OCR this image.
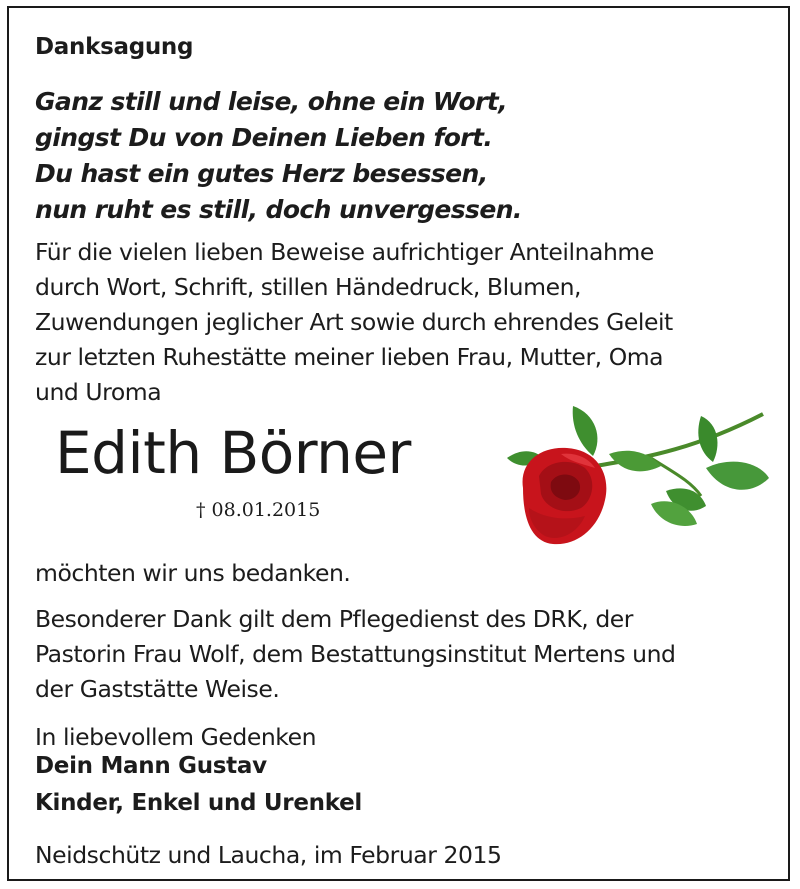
Danksagung
Ganz still und leise, ohne ein Wort,
gingst Du von Deinen Lieben fort.
Du hast ein gutes Herz besessen,
nun ruht es still, doch unvergessen.
Für die vielen lieben Beweise aufrichtiger Anteilnahme
durch Wort, Schrift, stillen Händedruck, Blumen,
Zuwendungen jeglicher Art sowie durch ehrendes Geleit
zur letzten Ruhestätte meiner lieben Frau, Mutter, Oma
und Uroma
Edith Börner
† 08.01.2015
möchten wir uns bedanken.
Besonderer Dank gilt dem Pflegedienst des DRK, der
Pastorin Frau Wolf, dem Bestattungsinstitut Mertens und
der Gaststätte Weise.
In liebevollem Gedenken
Dein Mann Gustav
Kinder, Enkel und Urenkel
Neidschütz und Laucha, im Februar 2015
